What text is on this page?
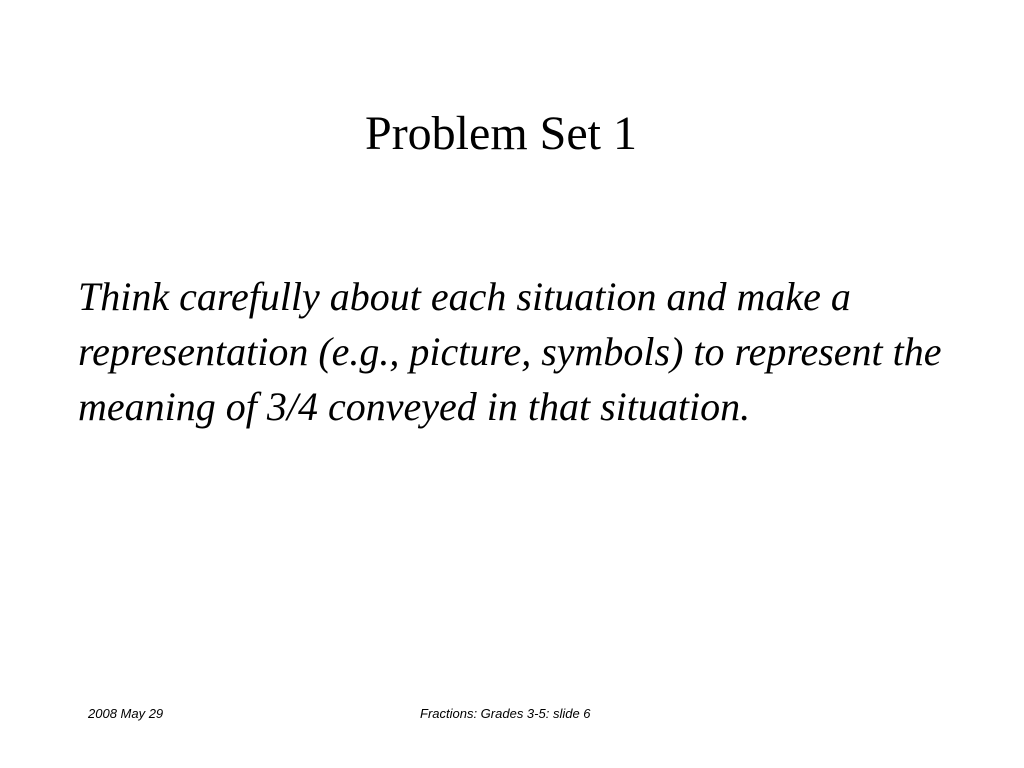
Problem Set 1

Think carefully about each situation and make a representation (e.g., picture, symbols) to represent the meaning of 3/4 conveyed in that situation.

2008 May 29	Fractions: Grades 3-5: slide 6
